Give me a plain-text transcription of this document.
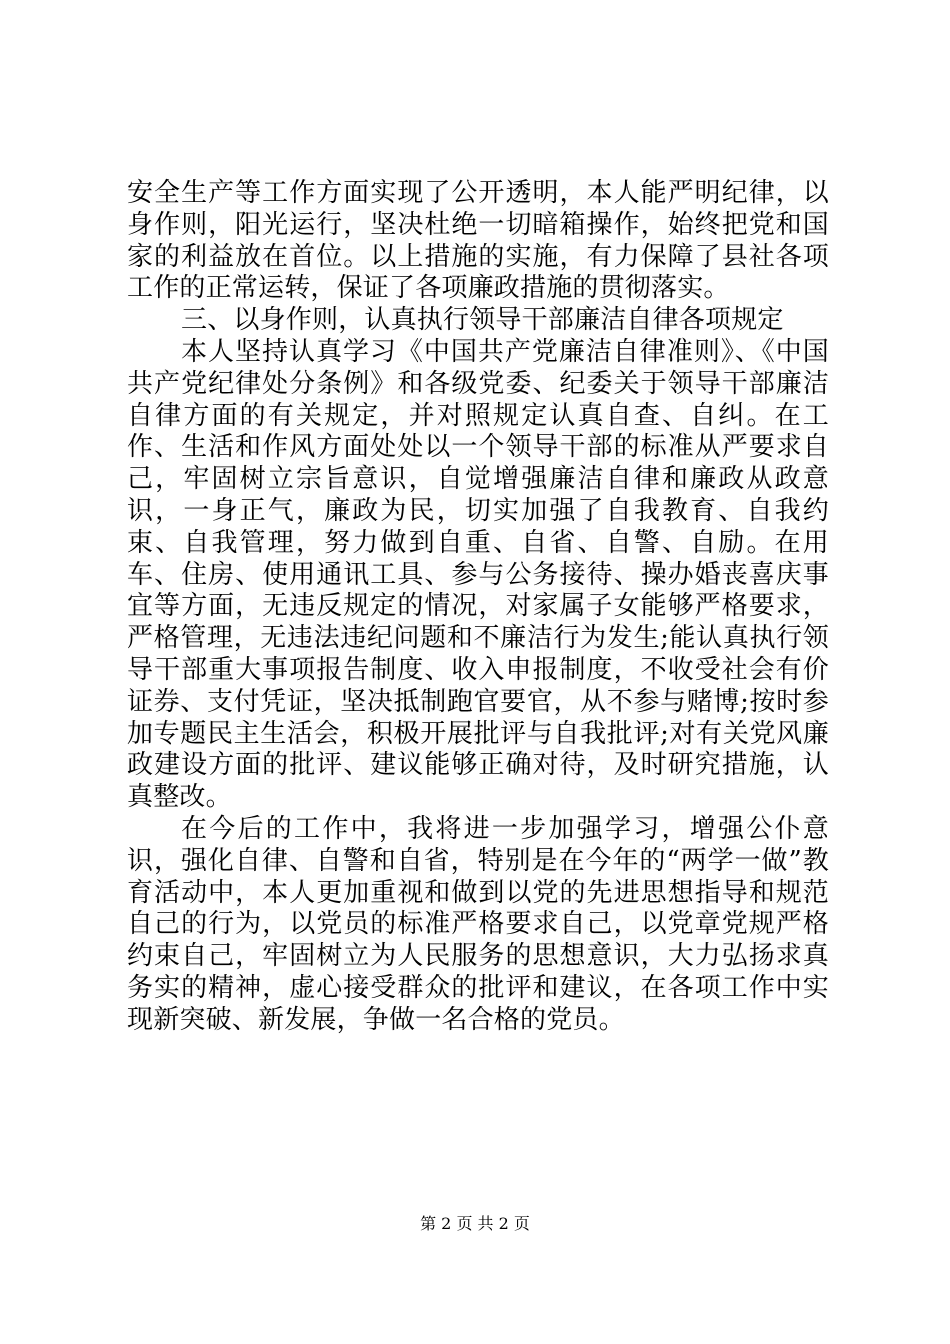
安全生产等工作方面实现了公开透明，本人能严明纪律，以身作则，阳光运行，坚决杜绝一切暗箱操作，始终把党和国家的利益放在首位。以上措施的实施，有力保障了县社各项工作的正常运转，保证了各项廉政措施的贯彻落实。

三、以身作则，认真执行领导干部廉洁自律各项规定

本人坚持认真学习《中国共产党廉洁自律准则》、《中国共产党纪律处分条例》和各级党委、纪委关于领导干部廉洁自律方面的有关规定，并对照规定认真自查、自纠。在工作、生活和作风方面处处以一个领导干部的标准从严要求自己，牢固树立宗旨意识，自觉增强廉洁自律和廉政从政意识，一身正气，廉政为民，切实加强了自我教育、自我约束、自我管理，努力做到自重、自省、自警、自励。在用车、住房、使用通讯工具、参与公务接待、操办婚丧喜庆事宜等方面，无违反规定的情况，对家属子女能够严格要求，严格管理，无违法违纪问题和不廉洁行为发生;能认真执行领导干部重大事项报告制度、收入申报制度，不收受社会有价证券、支付凭证，坚决抵制跑官要官，从不参与赌博;按时参加专题民主生活会，积极开展批评与自我批评;对有关党风廉政建设方面的批评、建议能够正确对待，及时研究措施，认真整改。

在今后的工作中，我将进一步加强学习，增强公仆意识，强化自律、自警和自省，特别是在今年的“两学一做”教育活动中，本人更加重视和做到以党的先进思想指导和规范自己的行为，以党员的标准严格要求自己，以党章党规严格约束自己，牢固树立为人民服务的思想意识，大力弘扬求真务实的精神，虚心接受群众的批评和建议，在各项工作中实现新突破、新发展，争做一名合格的党员。

第 2 页 共 2 页
